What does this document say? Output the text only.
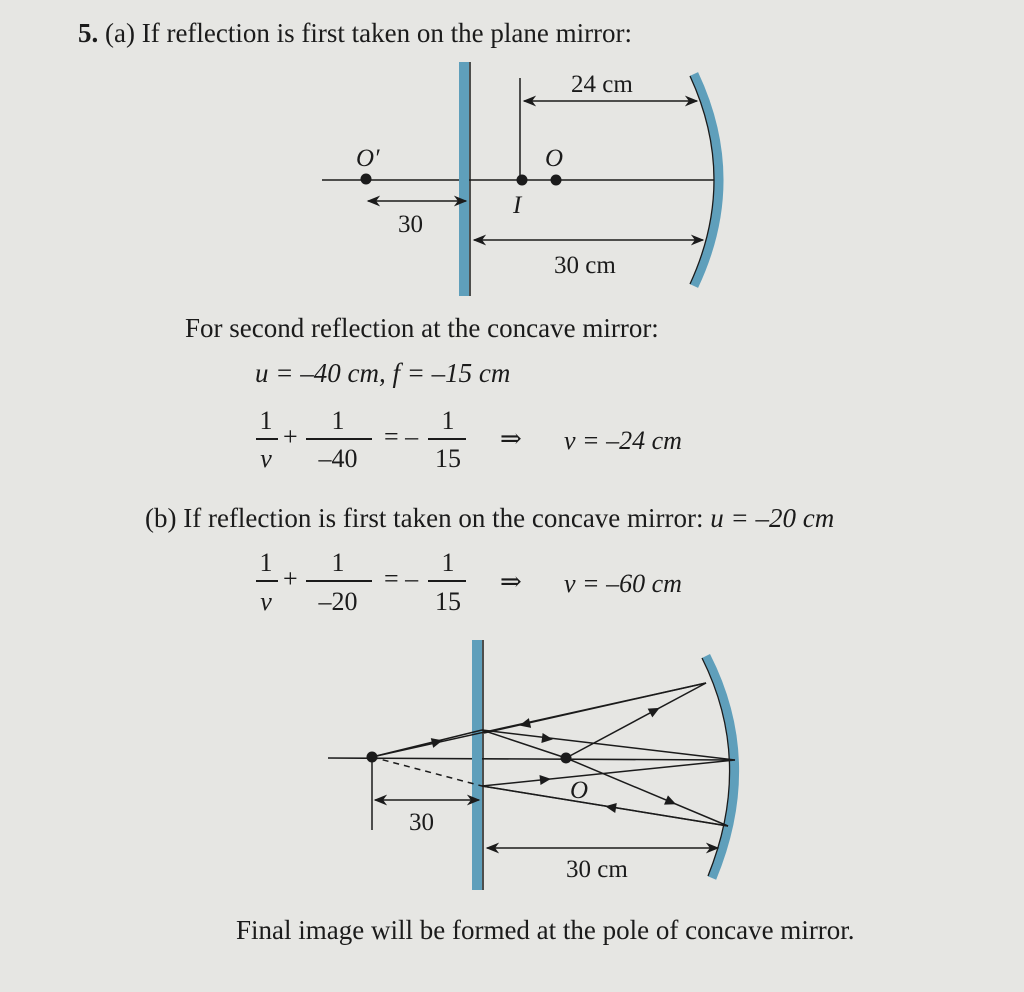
5. (a) If reflection is first taken on the plane mirror:
24 cm
O′	O
I
30
30 cm
O
30
30 cm
For second reflection at the concave mirror:
u = –40 cm, f = –15 cm
1
v
+
1
–40
= –
1
15
⇒ v = –24 cm
(b) If reflection is first taken on the concave mirror: u = –20 cm
1
v
+
1
–20
= –
1
15
⇒ v = –60 cm
Final image will be formed at the pole of concave mirror.
